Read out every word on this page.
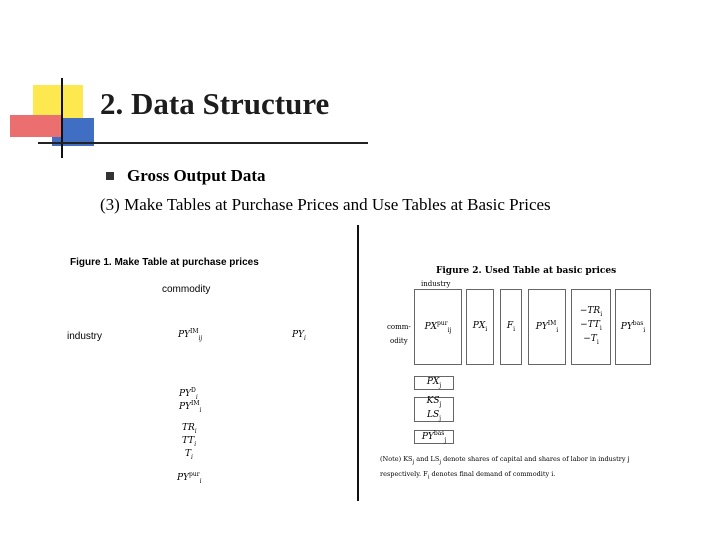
2. Data Structure
Gross Output Data
(3) Make Tables at Purchase Prices and Use Tables at Basic Prices
Figure 1. Make Table at purchase prices
commodity
industry	$PY^{IM}_{ij}$	$PY_i$
$PY^D_i$
$PY^{IM}_i$
$TR_i$
$TT_i$
$T_i$
$PY^{pur}_i$
Figure 2. Used Table at basic prices
industry
comm-
odity
$PX^{pur}_{ij}$ $PX_i$ $F_i$ $PY^{IM}_i$
$-TR_i$
$-TT_i$
$-T_i$
$PY^{bas}_i$
$PX_j$
$KS_j$
$LS_j$
$PY^{bas}_j$
(Note) $KS_j$ and $LS_j$ denote shares of capital and shares of labor in industry j
respectively. $F_i$ denotes final demand of commodity i.
